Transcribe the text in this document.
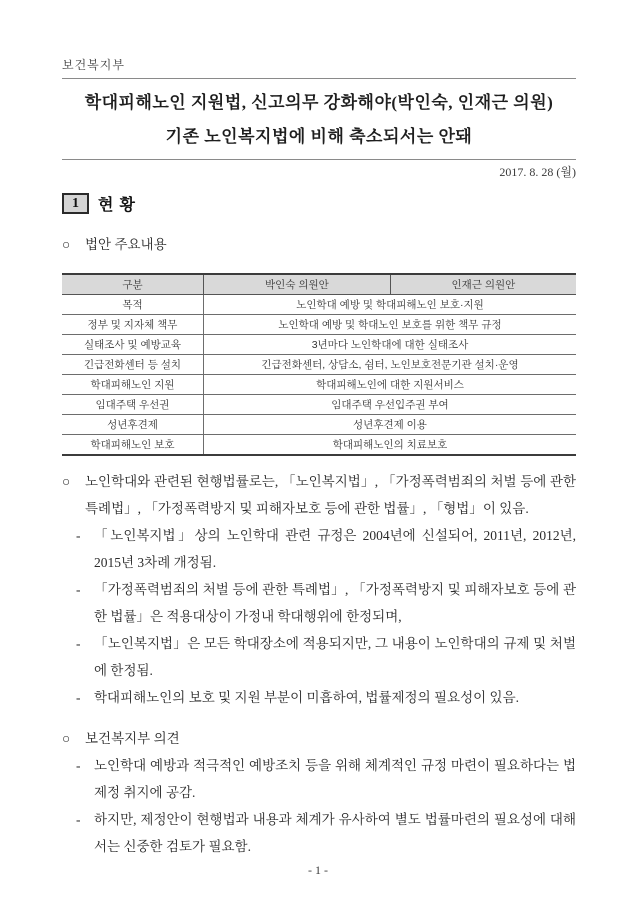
보건복지부
학대피해노인 지원법, 신고의무 강화해야(박인숙, 인재근 의원)
기존 노인복지법에 비해 축소되서는 안돼
2017. 8. 28 (월)
1	현 황
○	법안 주요내용
구분	박인숙 의원안	인재근 의원안
목적	노인학대 예방 및 학대피해노인 보호·지원	
정부 및 지자체 책무	노인학대 예방 및 학대노인 보호를 위한 책무 규정	
실태조사 및 예방교육	3년마다 노인학대에 대한 실태조사	
긴급전화센터 등 설치	긴급전화센터, 상담소, 쉼터, 노인보호전문기관 설치·운영	
학대피해노인 지원	학대피해노인에 대한 지원서비스	
임대주택 우선권	임대주택 우선입주권 부여	
성년후견제	성년후견제 이용	
학대피해노인 보호	학대피해노인의 치료보호	
○	노인학대와 관련된 현행법률로는, 「노인복지법」, 「가정폭력범죄의 처벌 등에 관한 특례법」, 「가정폭력방지 및 피해자보호 등에 관한 법률」, 「형법」이 있음.
-	「노인복지법」상의 노인학대 관련 규정은 2004년에 신설되어, 2011년, 2012년, 2015년 3차례 개정됨.
-	「가정폭력범죄의 처벌 등에 관한 특례법」, 「가정폭력방지 및 피해자보호 등에 관한 법률」은 적용대상이 가정내 학대행위에 한정되며,
-	「노인복지법」은 모든 학대장소에 적용되지만, 그 내용이 노인학대의 규제 및 처벌에 한정됨.
-	학대피해노인의 보호 및 지원 부분이 미흡하여, 법률제정의 필요성이 있음.
○	보건복지부 의견
-	노인학대 예방과 적극적인 예방조치 등을 위해 체계적인 규정 마련이 필요하다는 법제정 취지에 공감.
-	하지만, 제정안이 현행법과 내용과 체계가 유사하여 별도 법률마련의 필요성에 대해서는 신중한 검토가 필요함.
- 1 -
